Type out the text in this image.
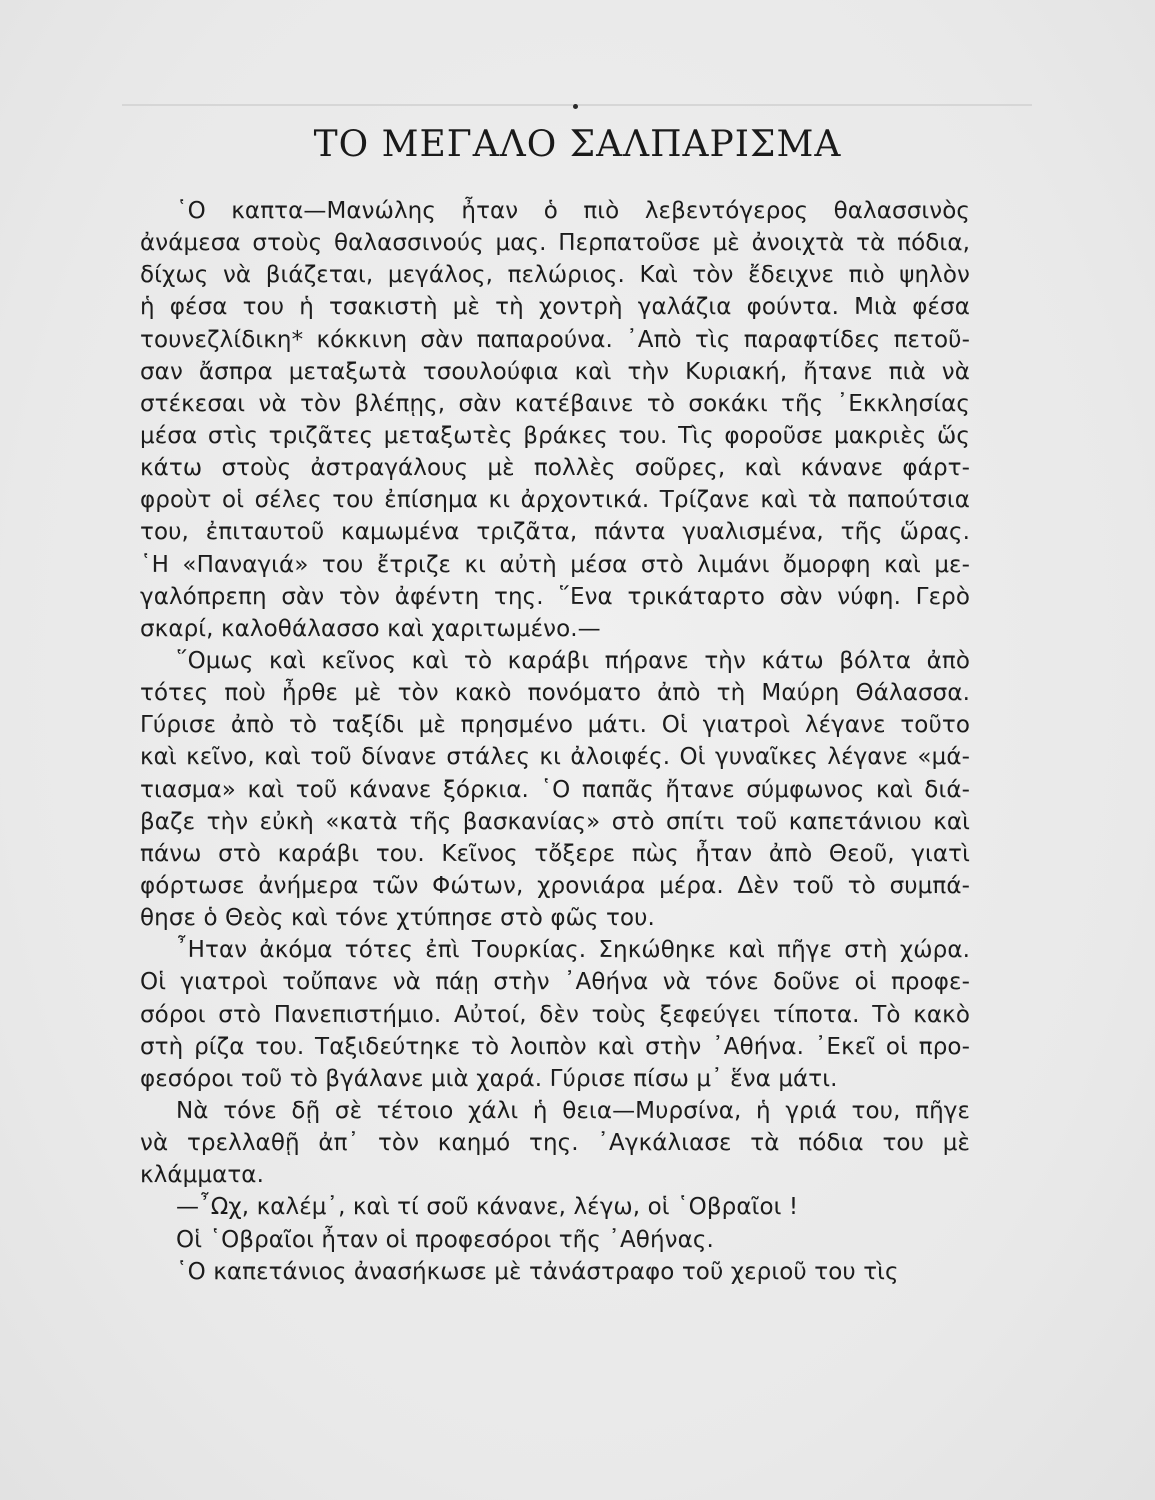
ΤΟ ΜΕΓΑΛΟ ΣΑΛΠΑΡΙΣΜΑ
῾Ο καπτα—Μανώλης ἦταν ὁ πιὸ λεβεντόγερος θαλασσινὸς
ἀνάμεσα στοὺς θαλασσινούς μας. Περπατοῦσε μὲ ἀνοιχτὰ τὰ πόδια,
δίχως νὰ βιάζεται, μεγάλος, πελώριος. Καὶ τὸν ἔδειχνε πιὸ ψηλὸν
ἡ φέσα του ἡ τσακιστὴ μὲ τὴ χοντρὴ γαλάζια φούντα. Μιὰ φέσα
τουνεζλίδικη* κόκκινη σὰν παπαρούνα. ᾿Απὸ τὶς παραφτίδες πετοῦ-
σαν ἄσπρα μεταξωτὰ τσουλούφια καὶ τὴν Κυριακή, ἤτανε πιὰ νὰ
στέκεσαι νὰ τὸν βλέπῃς, σὰν κατέβαινε τὸ σοκάκι τῆς ᾿Εκκλησίας
μέσα στὶς τριζᾶτες μεταξωτὲς βράκες του. Τὶς φοροῦσε μακριὲς ὥς
κάτω στοὺς ἀστραγάλους μὲ πολλὲς σοῦρες, καὶ κάνανε φάρτ-
φροὺτ οἱ σέλες του ἐπίσημα κι ἀρχοντικά. Τρίζανε καὶ τὰ παπούτσια
του, ἐπιταυτοῦ καμωμένα τριζᾶτα, πάντα γυαλισμένα, τῆς ὥρας.
῾Η «Παναγιά» του ἔτριζε κι αὐτὴ μέσα στὸ λιμάνι ὄμορφη καὶ με-
γαλόπρεπη σὰν τὸν ἀφέντη της. ῞Ενα τρικάταρτο σὰν νύφη. Γερὸ
σκαρί, καλοθάλασσο καὶ χαριτωμένο.—
῞Ομως καὶ κεῖνος καὶ τὸ καράβι πήρανε τὴν κάτω βόλτα ἀπὸ
τότες ποὺ ἦρθε μὲ τὸν κακὸ πονόματο ἀπὸ τὴ Μαύρη Θάλασσα.
Γύρισε ἀπὸ τὸ ταξίδι μὲ πρησμένο μάτι. Οἱ γιατροὶ λέγανε τοῦτο
καὶ κεῖνο, καὶ τοῦ δίνανε στάλες κι ἀλοιφές. Οἱ γυναῖκες λέγανε «μά-
τιασμα» καὶ τοῦ κάνανε ξόρκια. ῾Ο παπᾶς ἤτανε σύμφωνος καὶ διά-
βαζε τὴν εὐκὴ «κατὰ τῆς βασκανίας» στὸ σπίτι τοῦ καπετάνιου καὶ
πάνω στὸ καράβι του. Κεῖνος τὄξερε πὼς ἦταν ἀπὸ Θεοῦ, γιατὶ
φόρτωσε ἀνήμερα τῶν Φώτων, χρονιάρα μέρα. Δὲν τοῦ τὸ συμπά-
θησε ὁ Θεὸς καὶ τόνε χτύπησε στὸ φῶς του.
῏Ηταν ἀκόμα τότες ἐπὶ Τουρκίας. Σηκώθηκε καὶ πῆγε στὴ χώρα.
Οἱ γιατροὶ τοὔπανε νὰ πάῃ στὴν ᾿Αθήνα νὰ τόνε δοῦνε οἱ προφε-
σόροι στὸ Πανεπιστήμιο. Αὐτοί, δὲν τοὺς ξεφεύγει τίποτα. Τὸ κακὸ
στὴ ρίζα του. Ταξιδεύτηκε τὸ λοιπὸν καὶ στὴν ᾿Αθήνα. ᾿Εκεῖ οἱ προ-
φεσόροι τοῦ τὸ βγάλανε μιὰ χαρά. Γύρισε πίσω μ᾿ ἕνα μάτι.
Νὰ τόνε δῇ σὲ τέτοιο χάλι ἡ θεια—Μυρσίνα, ἡ γριά του, πῆγε
νὰ τρελλαθῇ ἀπ᾿ τὸν καημό της. ᾿Αγκάλιασε τὰ πόδια του μὲ
κλάμματα.
—῏Ωχ, καλέμ᾿, καὶ τί σοῦ κάνανε, λέγω, οἱ ῾Οβραῖοι !
Οἱ ῾Οβραῖοι ἦταν οἱ προφεσόροι τῆς ᾿Αθήνας.
῾Ο καπετάνιος ἀνασήκωσε μὲ τἀνάστραφο τοῦ χεριοῦ του τὶς
